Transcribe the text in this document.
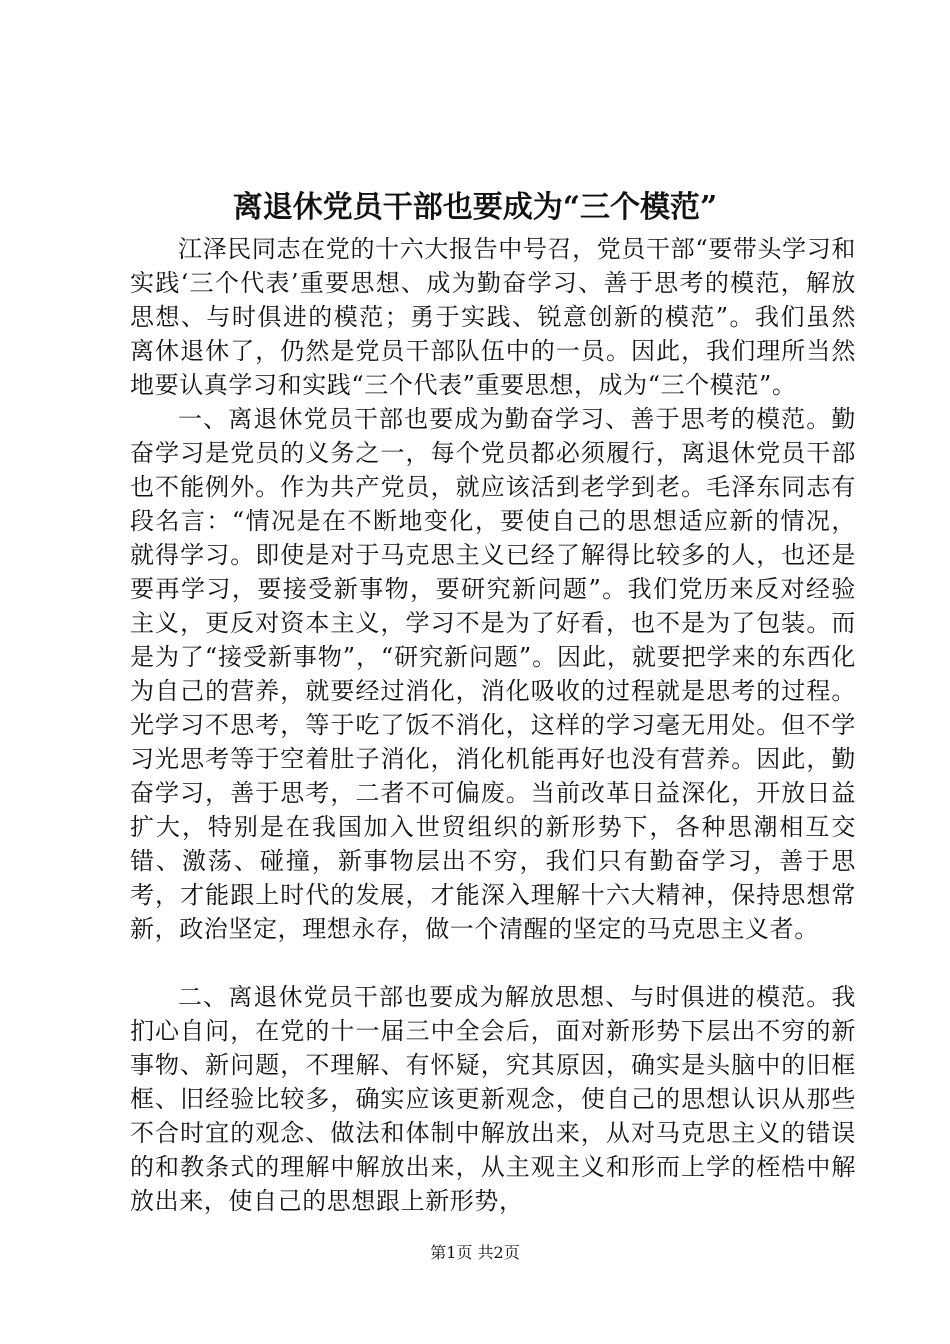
离退休党员干部也要成为“三个模范”

江泽民同志在党的十六大报告中号召，党员干部“要带头学习和实践‘三个代表’重要思想、成为勤奋学习、善于思考的模范，解放思想、与时俱进的模范；勇于实践、锐意创新的模范”。我们虽然离休退休了，仍然是党员干部队伍中的一员。因此，我们理所当然地要认真学习和实践“三个代表”重要思想，成为“三个模范”。

一、离退休党员干部也要成为勤奋学习、善于思考的模范。勤奋学习是党员的义务之一，每个党员都必须履行，离退休党员干部也不能例外。作为共产党员，就应该活到老学到老。毛泽东同志有段名言：“情况是在不断地变化，要使自己的思想适应新的情况，就得学习。即使是对于马克思主义已经了解得比较多的人，也还是要再学习，要接受新事物，要研究新问题”。我们党历来反对经验主义，更反对资本主义，学习不是为了好看，也不是为了包装。而是为了“接受新事物”，“研究新问题”。因此，就要把学来的东西化为自己的营养，就要经过消化，消化吸收的过程就是思考的过程。光学习不思考，等于吃了饭不消化，这样的学习毫无用处。但不学习光思考等于空着肚子消化，消化机能再好也没有营养。因此，勤奋学习，善于思考，二者不可偏废。当前改革日益深化，开放日益扩大，特别是在我国加入世贸组织的新形势下，各种思潮相互交错、激荡、碰撞，新事物层出不穷，我们只有勤奋学习，善于思考，才能跟上时代的发展，才能深入理解十六大精神，保持思想常新，政治坚定，理想永存，做一个清醒的坚定的马克思主义者。

二、离退休党员干部也要成为解放思想、与时俱进的模范。我扪心自问，在党的十一届三中全会后，面对新形势下层出不穷的新事物、新问题，不理解、有怀疑，究其原因，确实是头脑中的旧框框、旧经验比较多，确实应该更新观念，使自己的思想认识从那些不合时宜的观念、做法和体制中解放出来，从对马克思主义的错误的和教条式的理解中解放出来，从主观主义和形而上学的桎梏中解放出来，使自己的思想跟上新形势，

第1页 共2页
